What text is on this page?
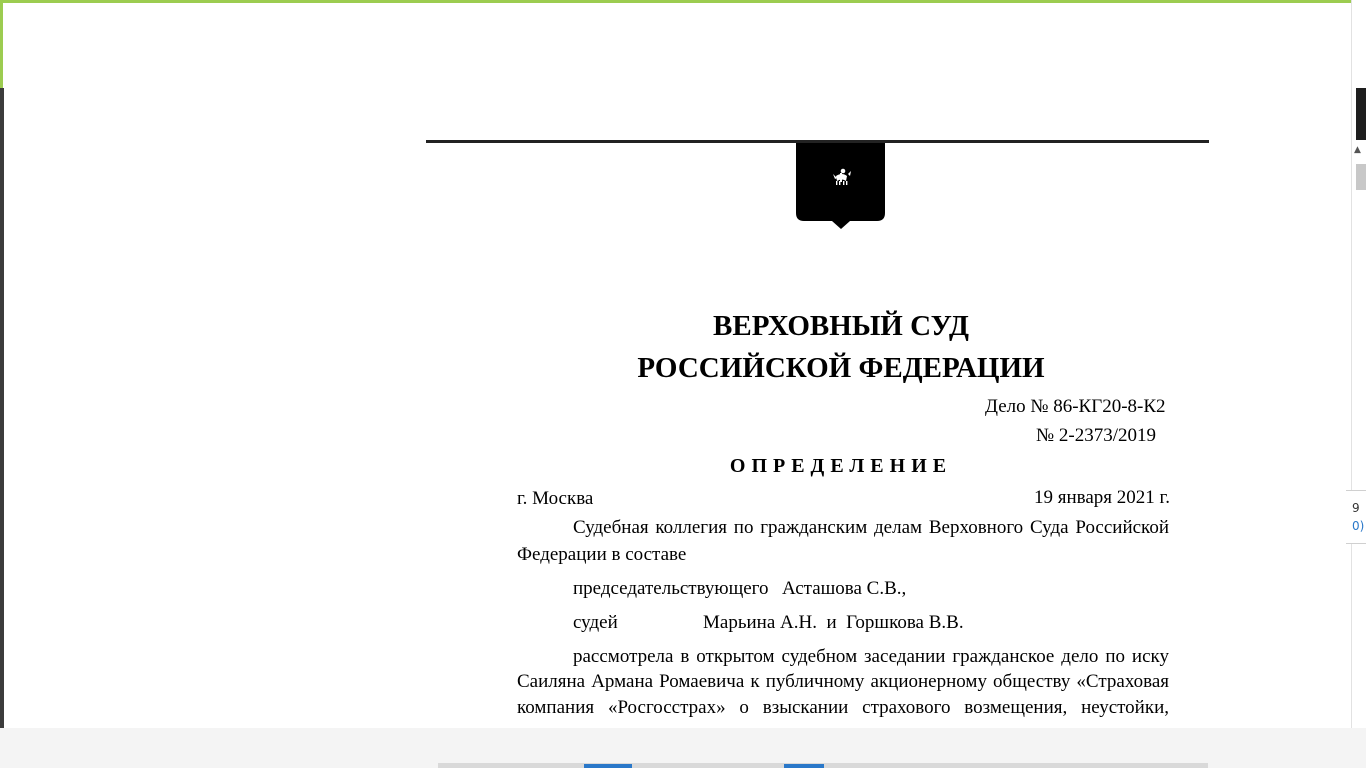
▲
9
0)
ВЕРХОВНЫЙ СУД
РОССИЙСКОЙ ФЕДЕРАЦИИ
Дело № 86-КГ20-8-К2
№ 2-2373/2019
ОПРЕДЕЛЕНИЕ
г. Москва	19 января 2021 г.
Судебная коллегия по гражданским делам Верховного Суда Российской
Федерации в составе
председательствующего Асташова С.В.,
судей	Марьина А.Н.  и  Горшкова В.В.
рассмотрела в открытом судебном заседании гражданское дело по иску
Саиляна Армана Ромаевича к публичному акционерному обществу «Страховая
компания «Росгосстрах» о взыскании страхового возмещения, неустойки,
